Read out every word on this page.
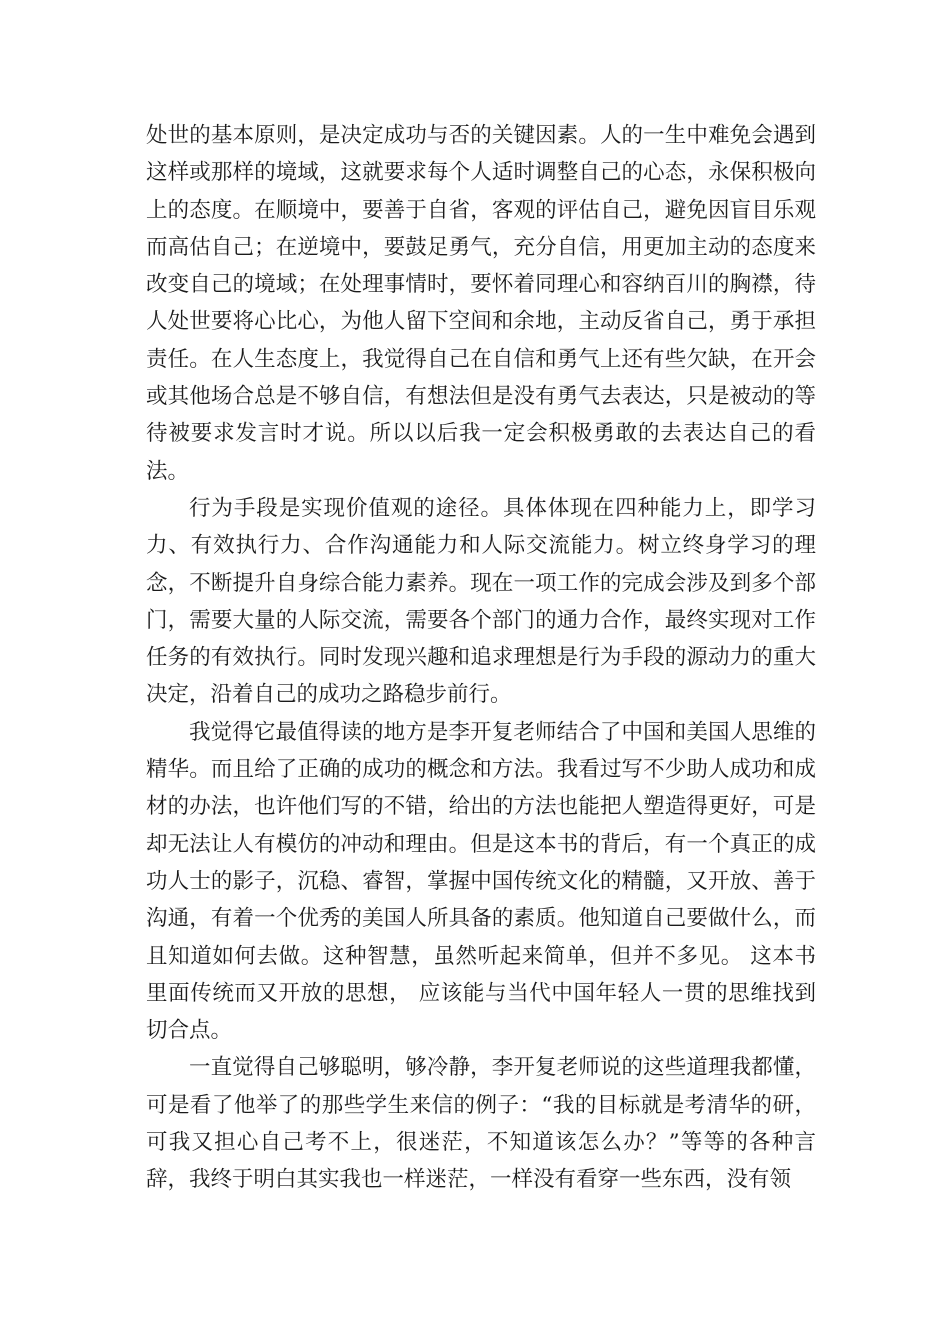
处世的基本原则，是决定成功与否的关键因素。人的一生中难免会遇到这样或那样的境域，这就要求每个人适时调整自己的心态，永保积极向上的态度。在顺境中，要善于自省，客观的评估自己，避免因盲目乐观而高估自己；在逆境中，要鼓足勇气，充分自信，用更加主动的态度来改变自己的境域；在处理事情时，要怀着同理心和容纳百川的胸襟，待人处世要将心比心，为他人留下空间和余地，主动反省自己，勇于承担责任。在人生态度上，我觉得自己在自信和勇气上还有些欠缺，在开会或其他场合总是不够自信，有想法但是没有勇气去表达，只是被动的等待被要求发言时才说。所以以后我一定会积极勇敢的去表达自己的看法。

行为手段是实现价值观的途径。具体体现在四种能力上，即学习力、有效执行力、合作沟通能力和人际交流能力。树立终身学习的理念，不断提升自身综合能力素养。现在一项工作的完成会涉及到多个部门，需要大量的人际交流，需要各个部门的通力合作，最终实现对工作任务的有效执行。同时发现兴趣和追求理想是行为手段的源动力的重大决定，沿着自己的成功之路稳步前行。

我觉得它最值得读的地方是李开复老师结合了中国和美国人思维的精华。而且给了正确的成功的概念和方法。我看过写不少助人成功和成材的办法，也许他们写的不错，给出的方法也能把人塑造得更好，可是却无法让人有模仿的冲动和理由。但是这本书的背后，有一个真正的成功人士的影子，沉稳、睿智，掌握中国传统文化的精髓，又开放、善于沟通，有着一个优秀的美国人所具备的素质。他知道自己要做什么，而且知道如何去做。这种智慧，虽然听起来简单，但并不多见。 这本书里面传统而又开放的思想， 应该能与当代中国年轻人一贯的思维找到切合点。

一直觉得自己够聪明，够冷静，李开复老师说的这些道理我都懂，可是看了他举了的那些学生来信的例子：“我的目标就是考清华的研，可我又担心自己考不上，很迷茫，不知道该怎么办？”等等的各种言辞，我终于明白其实我也一样迷茫，一样没有看穿一些东西，没有领
